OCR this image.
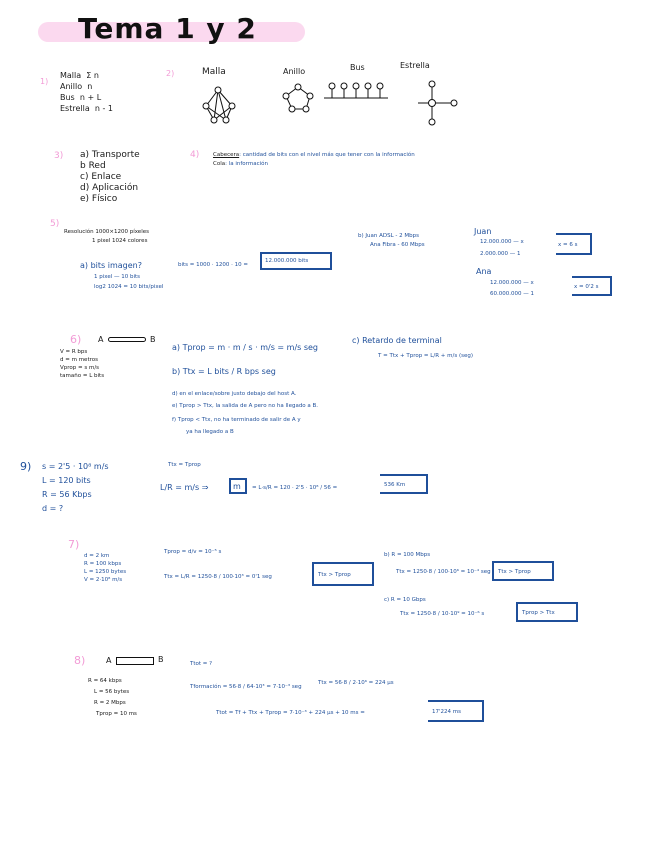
Tema 1 y 2
1)
Malla Σ n
Anillo n
Bus n + L
Estrella n - 1
2)	Malla	Anillo	Bus	Estrella
3) a) Transporte
b Red
c) Enlace
d) Aplicación
e) Físico
4)	Cabecera: cantidad de bits con el nivel más que tener con la información
Cola: la información
5)
Resolución 1000×1200 píxeles
1 pixel 1024 colores
a) bits imagen?
1 pixel — 10 bits
log2 1024 = 10 bits/pixel
bits = 1000 · 1200 · 10 =
12.000.000 bits
b) Juan ADSL - 2 Mbps
Ana Fibra - 60 Mbps
Juan
12.000.000 — x
2.000.000 — 1
x = 6 s
Ana
12.000.000 — x
60.000.000 — 1
x = 0'2 s
6) A	B
V = R bps
d = m metros
Vprop = s m/s
tamaño = L bits
a) Tprop = m · m / s · m/s = m/s seg
b) Ttx = L bits / R bps seg
d) en el enlace/sobre justo debajo del host A.
e) Tprop > Ttx, la salida de A pero no ha llegado a B.
f) Tprop < Ttx, no ha terminado de salir de A y
ya ha llegado a B
c) Retardo de terminal
T = Ttx + Tprop = L/R + m/s (seg)
9) s = 2'5 · 10⁸ m/s
L = 120 bits
R = 56 Kbps
d = ?
Ttx = Tprop
L/R = m/s ⇒	m = L·s/R = 120 · 2'5 · 10⁸ / 56 =	536 Km
7)
d = 2 km
R = 100 kbps
L = 1250 bytes
V = 2·10⁸ m/s
Tprop = d/v = 10⁻⁵ s
Ttx = L/R = 1250·8 / 100·10³ = 0'1 seg	Ttx > Tprop
b) R = 100 Mbps
Ttx = 1250·8 / 100·10⁶ = 10⁻⁴ seg Ttx > Tprop
c) R = 10 Gbps
Ttx = 1250·8 / 10·10⁹ = 10⁻⁶ s	Tprop > Ttx
8)	A	B
R = 64 kbps
L = 56 bytes
R = 2 Mbps
Tprop = 10 ms
Ttot = ?
Tformación = 56·8 / 64·10³ = 7·10⁻³ seg
Ttx = 56·8 / 2·10⁶ = 224 µs
Ttot = Tf + Ttx + Tprop = 7·10⁻³ + 224 µs + 10 ms =	17'224 ms
